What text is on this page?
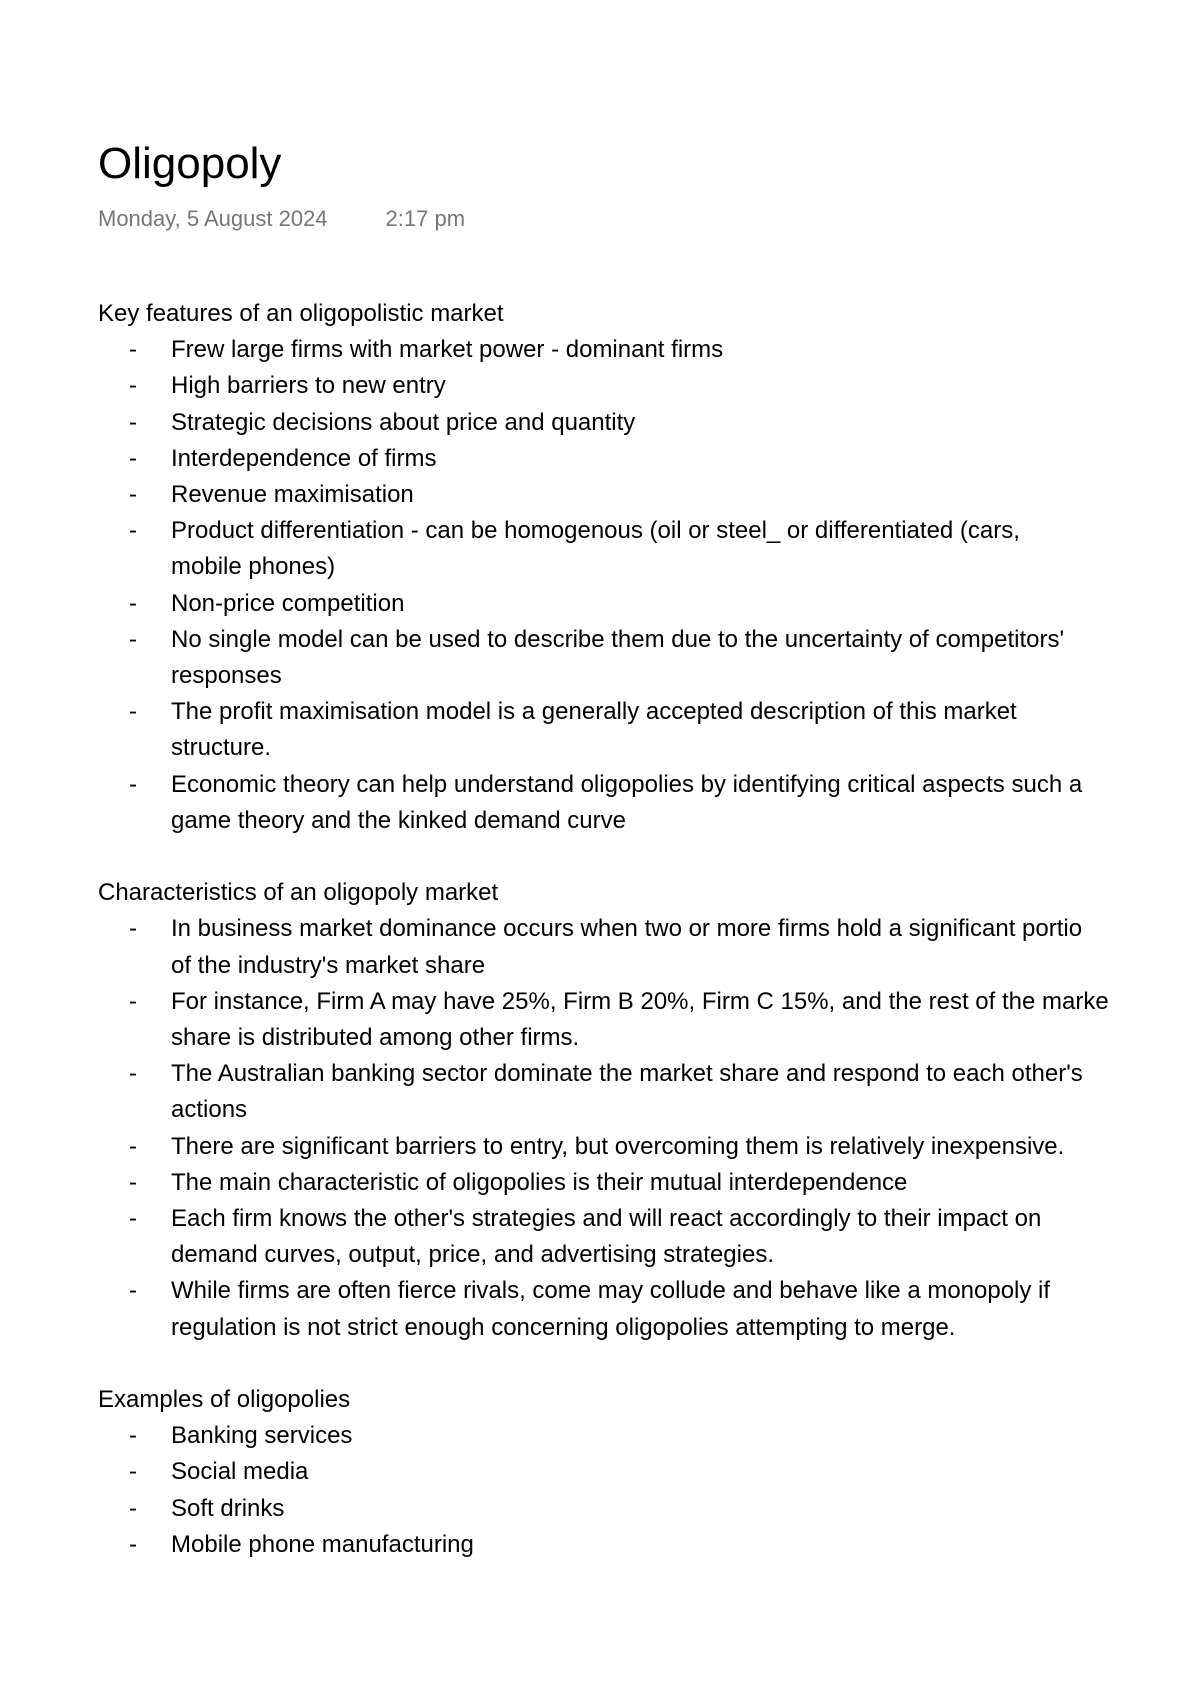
Oligopoly
Monday, 5 August 2024	2:17 pm

Key features of an oligopolistic market

- Frew large firms with market power - dominant firms
- High barriers to new entry
- Strategic decisions about price and quantity
- Interdependence of firms
- Revenue maximisation
- Product differentiation - can be homogenous (oil or steel_ or differentiated (cars,
mobile phones)
- Non-price competition
- No single model can be used to describe them due to the uncertainty of competitors'
responses
- The profit maximisation model is a generally accepted description of this market
structure.
- Economic theory can help understand oligopolies by identifying critical aspects such a
game theory and the kinked demand curve

Characteristics of an oligopoly market

- In business market dominance occurs when two or more firms hold a significant portio
of the industry's market share
- For instance, Firm A may have 25%, Firm B 20%, Firm C 15%, and the rest of the marke
share is distributed among other firms.
- The Australian banking sector dominate the market share and respond to each other's
actions
- There are significant barriers to entry, but overcoming them is relatively inexpensive.
- The main characteristic of oligopolies is their mutual interdependence
- Each firm knows the other's strategies and will react accordingly to their impact on
demand curves, output, price, and advertising strategies.
- While firms are often fierce rivals, come may collude and behave like a monopoly if
regulation is not strict enough concerning oligopolies attempting to merge.

Examples of oligopolies

- Banking services
- Social media
- Soft drinks
- Mobile phone manufacturing
